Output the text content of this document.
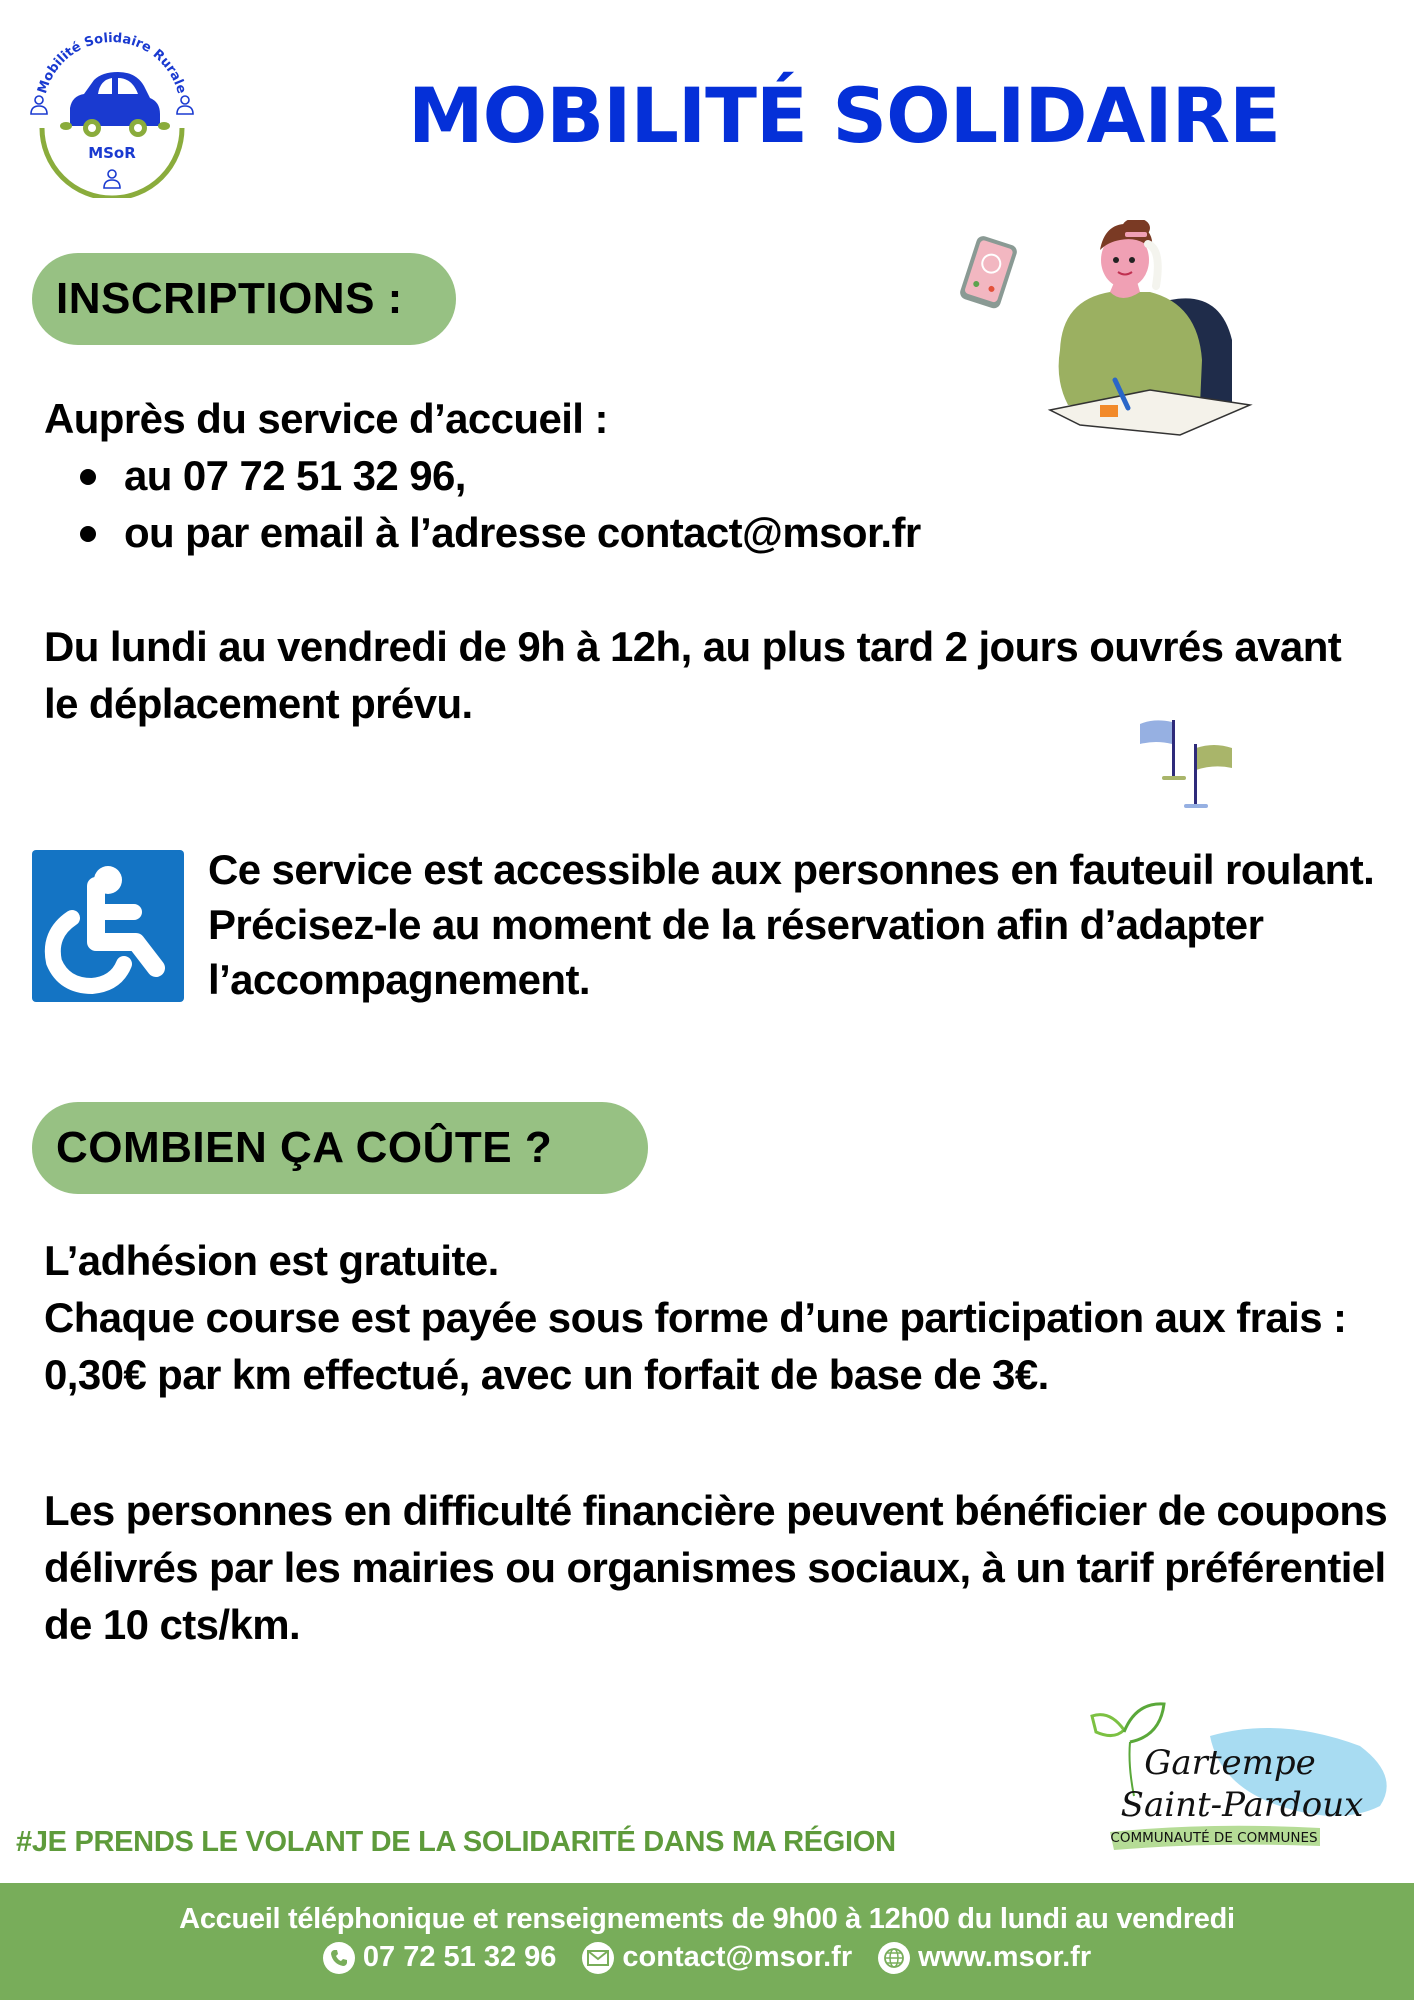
Mobilité Solidaire Rurale
MSoR	MOBILITÉ SOLIDAIRE
INSCRIPTIONS :
Auprès du service d’accueil :
au 07 72 51 32 96,
ou par email à l’adresse contact@msor.fr
Du lundi au vendredi de 9h à 12h, au plus tard 2 jours ouvrés avant le déplacement prévu.
Ce service est accessible aux personnes en fauteuil roulant. Précisez-le au moment de la réservation afin d’adapter l’accompagnement.
COMBIEN ÇA COÛTE ?
L’adhésion est gratuite.
Chaque course est payée sous forme d’une participation aux frais : 0,30€ par km effectué, avec un forfait de base de 3€.
Les personnes en difficulté financière peuvent bénéficier de coupons délivrés par les mairies ou organismes sociaux, à un tarif préférentiel de 10 cts/km.
Gartempe
Saint-Pardoux
COMMUNAUTÉ DE COMMUNES
#JE PRENDS LE VOLANT DE LA SOLIDARITÉ DANS MA RÉGION
Accueil téléphonique et renseignements de 9h00 à 12h00 du lundi au vendredi
07 72 51 32 96 contact@msor.fr www.msor.fr
